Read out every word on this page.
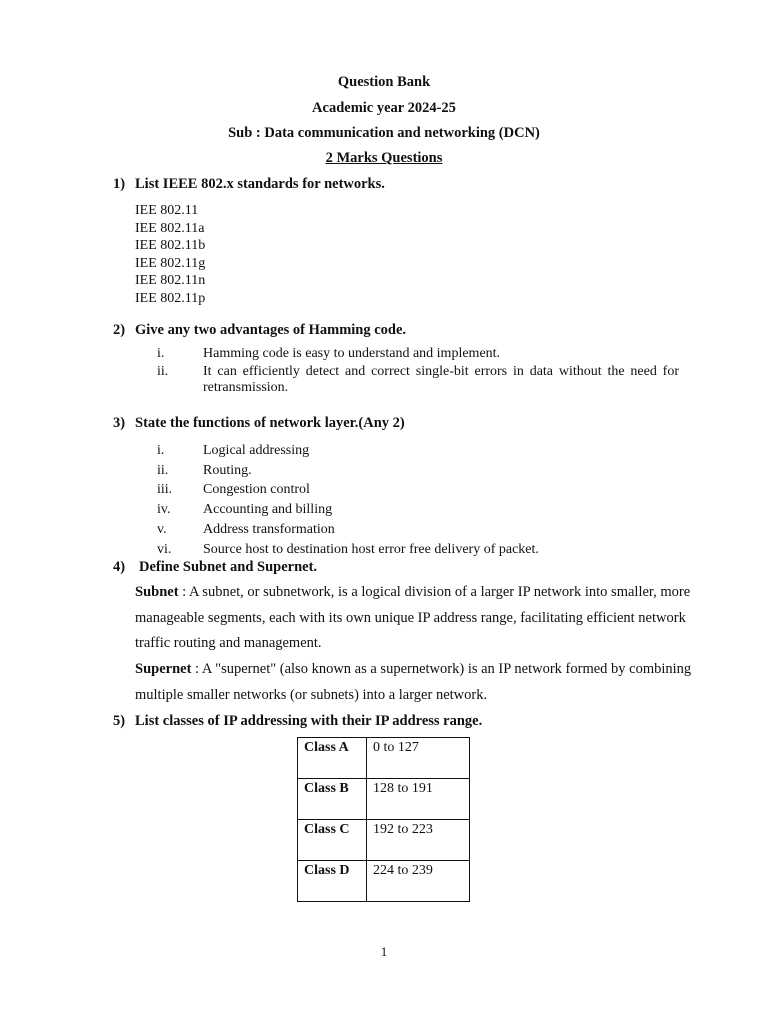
Question Bank
Academic year 2024-25
Sub : Data communication and networking (DCN)
2 Marks Questions
1) List IEEE 802.x standards for networks.
IEE 802.11
IEE 802.11a
IEE 802.11b
IEE 802.11g
IEE 802.11n
IEE 802.11p
2) Give any two advantages of Hamming code.
i.	Hamming code is easy to understand and implement.
ii. It can efficiently detect and correct single-bit errors in data without the need for retransmission.
3) State the functions of network layer.(Any 2)
i.	Logical addressing
ii. Routing.
iii. Congestion control
iv. Accounting and billing
v.	Address transformation
vi. Source host to destination host error free delivery of packet.
4) Define Subnet and Supernet.
Subnet : A subnet, or subnetwork, is a logical division of a larger IP network into smaller, more manageable segments, each with its own unique IP address range, facilitating efficient network traffic routing and management.
Supernet : A "supernet" (also known as a supernetwork) is an IP network formed by combining multiple smaller networks (or subnets) into a larger network.
5) List classes of IP addressing with their IP address range.
Class A	0 to 127
Class B	128 to 191
Class C	192 to 223
Class D	224 to 239
1
